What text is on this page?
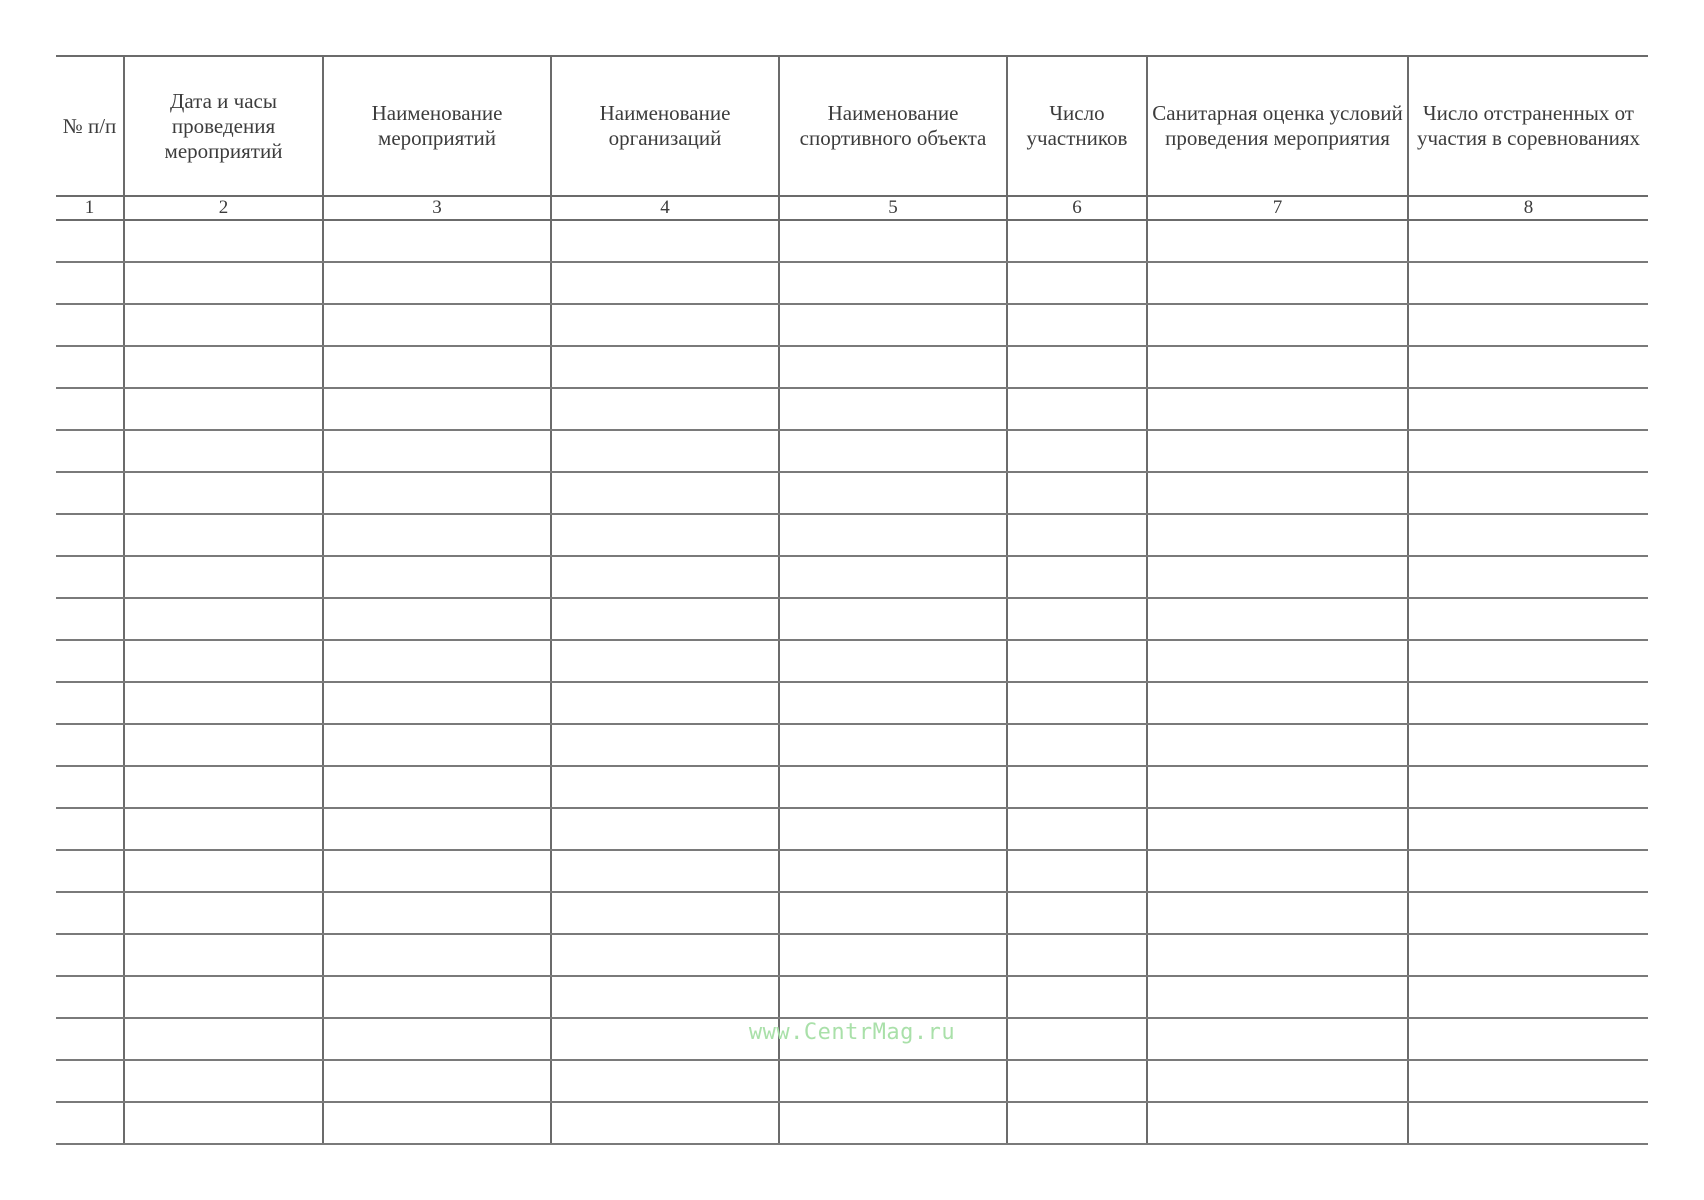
№ п/п	Дата и часы проведения мероприятий	Наименование мероприятий	Наименование организаций	Наименование спортивного объекта	Число участников	Санитарная оценка условий проведения мероприятия	Число отстраненных от участия в соревнованиях
1	2	3	4	5	6	7	8

www.CentrMag.ru
